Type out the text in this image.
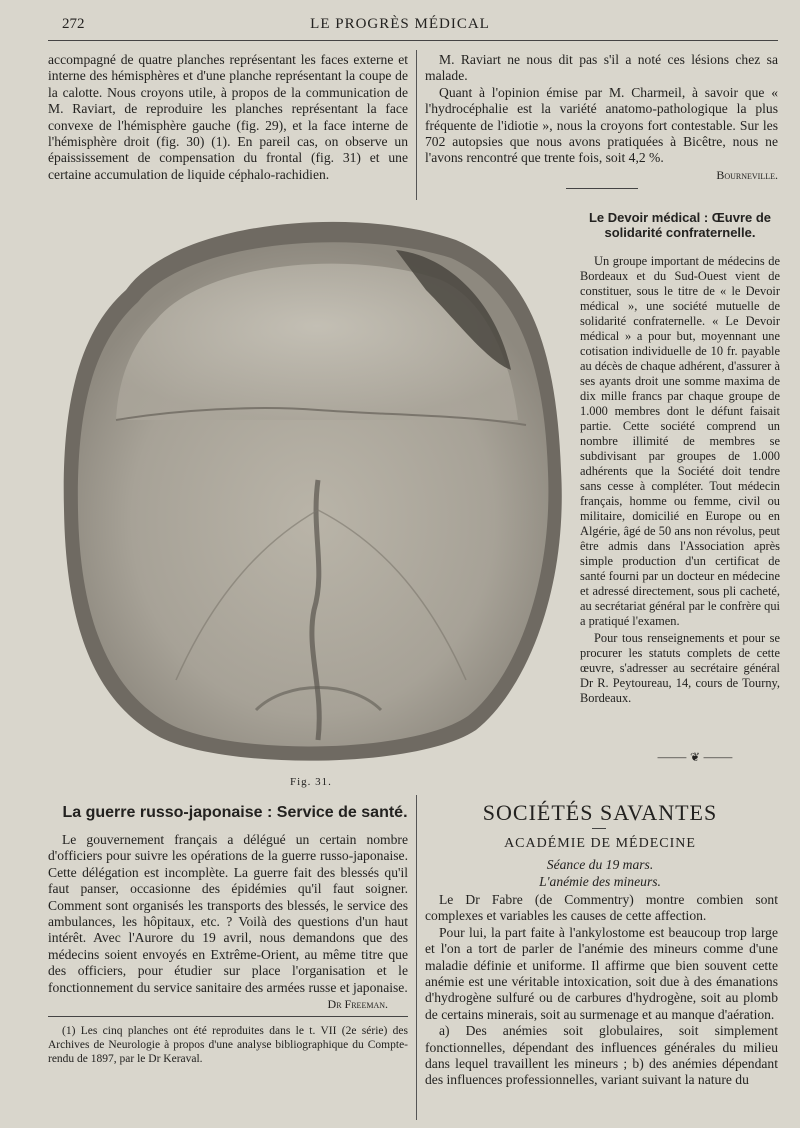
272	LE PROGRÈS MÉDICAL

accompagné de quatre planches représentant les faces externe et interne des hémisphères et d'une planche représentant la coupe de la calotte. Nous croyons utile, à propos de la communication de M. Raviart, de reproduire les planches représentant la face convexe de l'hémisphère gauche (fig. 29), et la face interne de l'hémisphère droit (fig. 30) (1). En pareil cas, on observe un épaississement de compensation du frontal (fig. 31) et une certaine accumulation de liquide céphalo-rachidien.

M. Raviart ne nous dit pas s'il a noté ces lésions chez sa malade.

Quant à l'opinion émise par M. Charmeil, à savoir que « l'hydrocéphalie est la variété anatomo-pathologique la plus fréquente de l'idiotie », nous la croyons fort contestable. Sur les 702 autopsies que nous avons pratiquées à Bicêtre, nous ne l'avons rencontré que trente fois, soit 4,2 %.

Bourneville.
Le Devoir médical : Œuvre de
solidarité confraternelle.

Un groupe important de médecins de Bordeaux et du Sud-Ouest vient de constituer, sous le titre de « le Devoir médical », une société mutuelle de solidarité confraternelle. « Le Devoir médical » a pour but, moyennant une cotisation individuelle de 10 fr. payable au décès de chaque adhérent, d'assurer à ses ayants droit une somme maxima de dix mille francs par chaque groupe de 1.000 membres dont le défunt faisait partie. Cette société comprend un nombre illimité de membres se subdivisant par groupes de 1.000 adhérents que la Société doit tendre sans cesse à compléter. Tout médecin français, homme ou femme, civil ou militaire, domicilié en Europe ou en Algérie, âgé de 50 ans non révolus, peut être admis dans l'Association après simple production d'un certificat de santé fourni par un docteur en médecine et adressé directement, sous pli cacheté, au secrétariat général par le confrère qui a pratiqué l'examen.

Pour tous renseignements et pour se procurer les statuts complets de cette œuvre, s'adresser au secrétaire général Dr R. Peytoureau, 14, cours de Tourny, Bordeaux.

⸻ ❦ ⸻
Fig. 31.
La guerre russo-japonaise : Service de santé.

Le gouvernement français a délégué un certain nombre d'officiers pour suivre les opérations de la guerre russo-japonaise. Cette délégation est incomplète. La guerre fait des blessés qu'il faut panser, occasionne des épidémies qu'il faut soigner. Comment sont organisés les transports des blessés, le service des ambulances, les hôpitaux, etc. ? Voilà des questions d'un haut intérêt. Avec l'Aurore du 19 avril, nous demandons que des médecins soient envoyés en Extrême-Orient, au même titre que des officiers, pour étudier sur place l'organisation et le fonctionnement du service sanitaire des armées russe et japonaise.

Dr Freeman.
(1) Les cinq planches ont été reproduites dans le t. VII (2e série) des Archives de Neurologie à propos d'une analyse bibliographique du Compte-rendu de 1897, par le Dr Keraval.
SOCIÉTÉS SAVANTES
ACADÉMIE DE MÉDECINE
Séance du 19 mars.
L'anémie des mineurs.

Le Dr Fabre (de Commentry) montre combien sont complexes et variables les causes de cette affection.

Pour lui, la part faite à l'ankylostome est beaucoup trop large et l'on a tort de parler de l'anémie des mineurs comme d'une maladie définie et uniforme. Il affirme que bien souvent cette anémie est une véritable intoxication, soit due à des émanations d'hydrogène sulfuré ou de carbures d'hydrogène, soit au plomb de certains minerais, soit au surmenage et au manque d'aération.

a) Des anémies soit globulaires, soit simplement fonctionnelles, dépendant des influences générales du milieu dans lequel travaillent les mineurs ; b) des anémies dépendant des influences professionnelles, variant suivant la nature du
